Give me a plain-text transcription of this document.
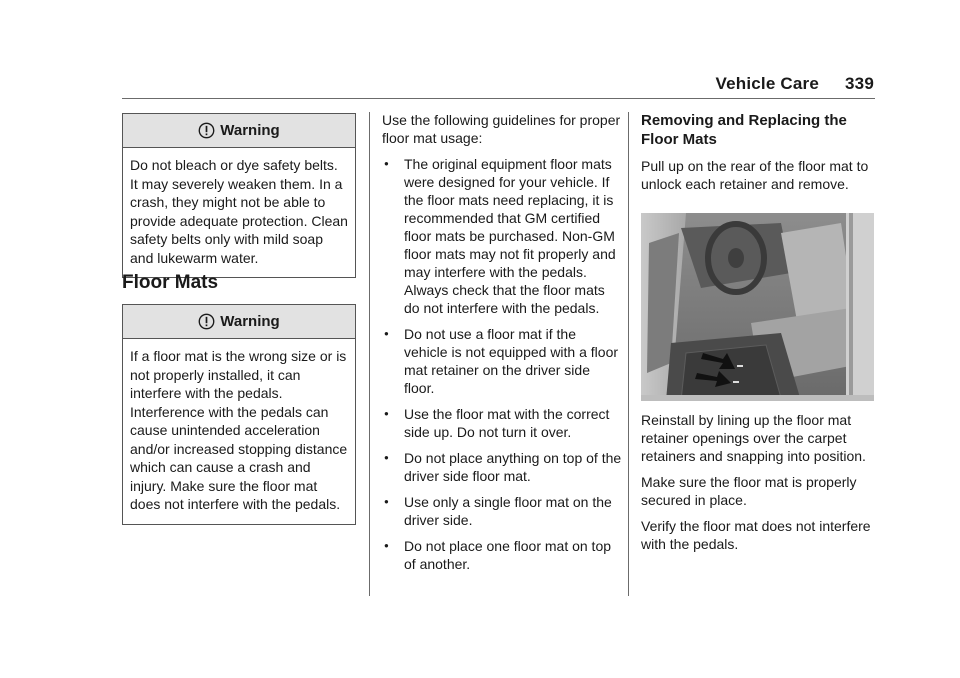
Vehicle Care 339
Warning
Do not bleach or dye safety belts. It may severely weaken them. In a crash, they might not be able to provide adequate protection. Clean safety belts only with mild soap and lukewarm water.
Floor Mats
Warning
If a floor mat is the wrong size or is not properly installed, it can interfere with the pedals. Interference with the pedals can cause unintended acceleration and/or increased stopping distance which can cause a crash and injury. Make sure the floor mat does not interfere with the pedals.

Use the following guidelines for proper floor mat usage:

● The original equipment floor mats were designed for your vehicle. If the floor mats need replacing, it is recommended that GM certified floor mats be purchased. Non-GM floor mats may not fit properly and may interfere with the pedals. Always check that the floor mats do not interfere with the pedals.
● Do not use a floor mat if the vehicle is not equipped with a floor mat retainer on the driver side floor.
● Use the floor mat with the correct side up. Do not turn it over.
● Do not place anything on top of the driver side floor mat.
● Use only a single floor mat on the driver side.
● Do not place one floor mat on top of another.
Removing and Replacing the Floor Mats

Pull up on the rear of the floor mat to unlock each retainer and remove.

Reinstall by lining up the floor mat retainer openings over the carpet retainers and snapping into position.

Make sure the floor mat is properly secured in place.

Verify the floor mat does not interfere with the pedals.
